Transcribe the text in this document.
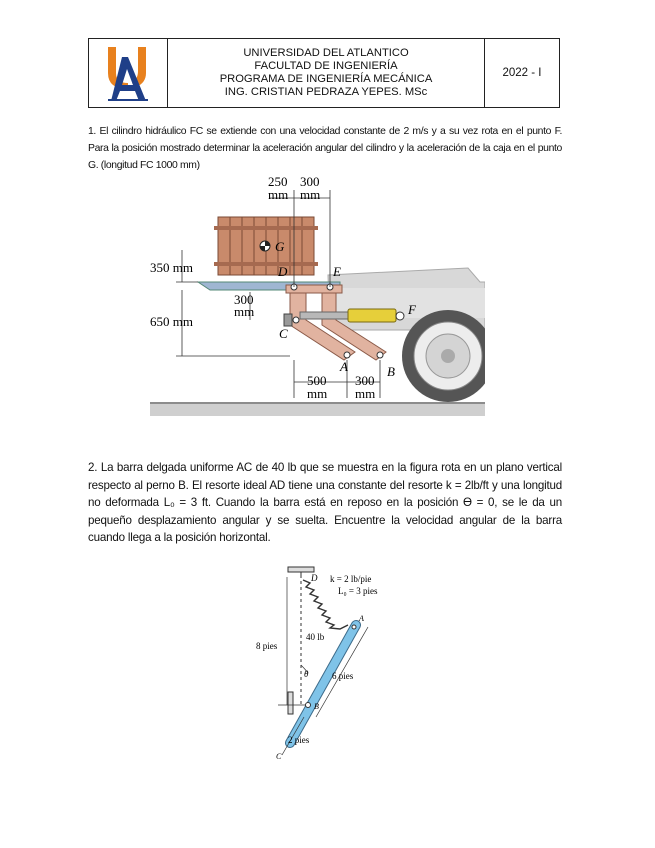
UNIVERSIDAD DEL ATLANTICO
FACULTAD DE INGENIERÍA
PROGRAMA DE INGENIERÍA MECÁNICA
ING. CRISTIAN PEDRAZA YEPES. MSc
2022 - I
1. El cilindro hidráulico FC se extiende con una velocidad constante de 2 m/s y a su vez rota en el punto F. Para la posición mostrado determinar la aceleración angular del cilindro y la aceleración de la caja en el punto G. (longitud FC 1000 mm)
250 300
mm mm
350 mm
650 mm
300
mm
500 300
mm mm
G
D	E
F
C
A	B
2. La barra delgada uniforme AC de 40 lb que se muestra en la figura rota en un plano vertical respecto al perno B. El resorte ideal AD tiene una constante del resorte k = 2lb/ft y una longitud no deformada L₀ = 3 ft. Cuando la barra está en reposo en la posición ϴ = 0, se le da un pequeño desplazamiento angular y se suelta. Encuentre la velocidad angular de la barra cuando llega a la posición horizontal.
D k = 2 lb/pie
L₀ = 3 pies
A
8 pies
40 lb
θ	6 pies
B
2 pies
C
